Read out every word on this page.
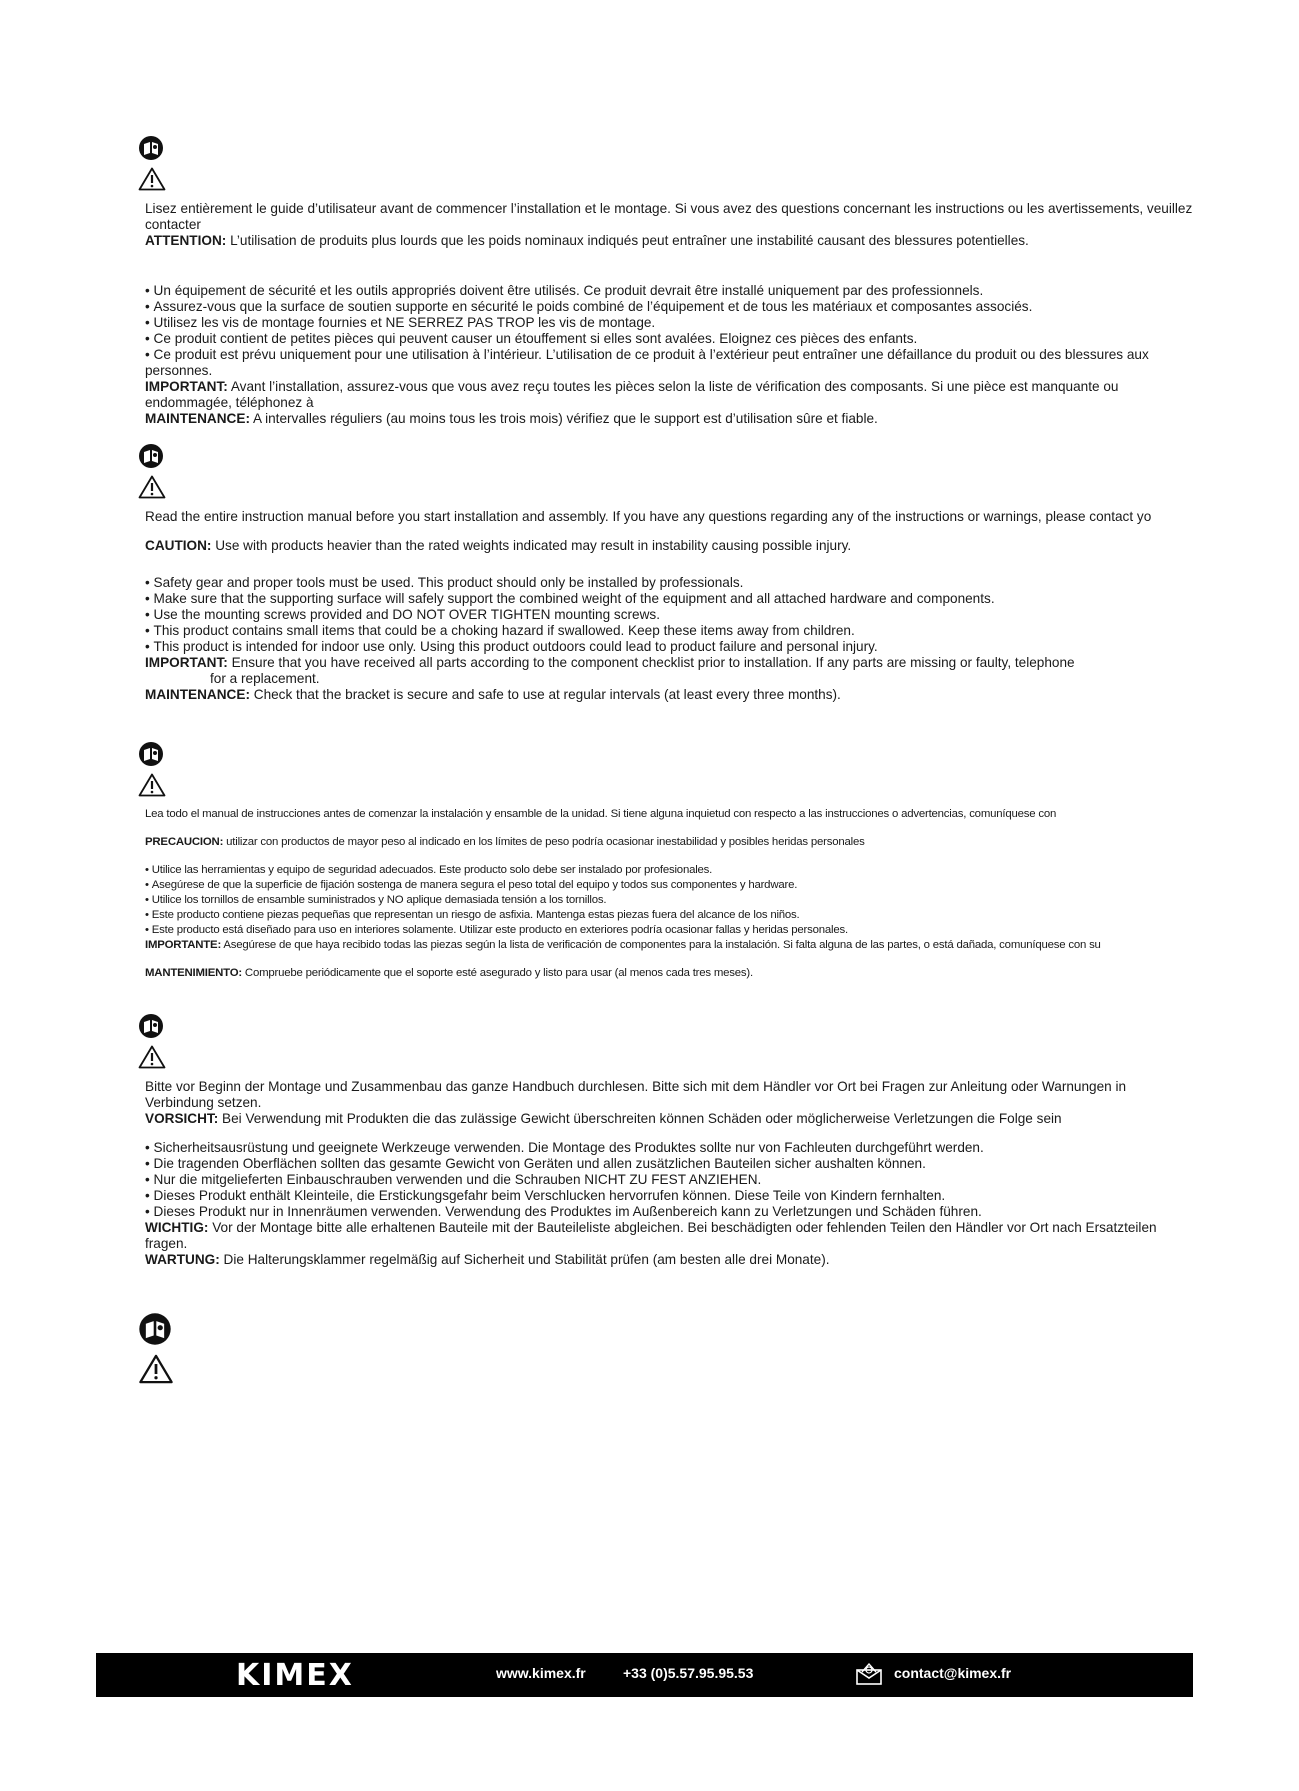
Lisez entièrement le guide d’utilisateur avant de commencer l’installation et le montage. Si vous avez des questions concernant les instructions ou les avertissements, veuillez contacter

ATTENTION: L’utilisation de produits plus lourds que les poids nominaux indiqués peut entraîner une instabilité causant des blessures potentielles.

• Un équipement de sécurité et les outils appropriés doivent être utilisés. Ce produit devrait être installé uniquement par des professionnels.
• Assurez-vous que la surface de soutien supporte en sécurité le poids combiné de l’équipement et de tous les matériaux et composantes associés.
• Utilisez les vis de montage fournies et NE SERREZ PAS TROP les vis de montage.
• Ce produit contient de petites pièces qui peuvent causer un étouffement si elles sont avalées. Eloignez ces pièces des enfants.
• Ce produit est prévu uniquement pour une utilisation à l’intérieur. L’utilisation de ce produit à l’extérieur peut entraîner une défaillance du produit ou des blessures aux personnes.

IMPORTANT: Avant l’installation, assurez-vous que vous avez reçu toutes les pièces selon la liste de vérification des composants. Si une pièce est manquante ou endommagée, téléphonez à

MAINTENANCE: A intervalles réguliers (au moins tous les trois mois) vérifiez que le support est d’utilisation sûre et fiable.

Read the entire instruction manual before you start installation and assembly. If you have any questions regarding any of the instructions or warnings, please contact yo

CAUTION: Use with products heavier than the rated weights indicated may result in instability causing possible injury.

• Safety gear and proper tools must be used. This product should only be installed by professionals.
• Make sure that the supporting surface will safely support the combined weight of the equipment and all attached hardware and components.
• Use the mounting screws provided and DO NOT OVER TIGHTEN mounting screws.
• This product contains small items that could be a choking hazard if swallowed. Keep these items away from children.
• This product is intended for indoor use only. Using this product outdoors could lead to product failure and personal injury.

IMPORTANT: Ensure that you have received all parts according to the component checklist prior to installation. If any parts are missing or faulty, telephone

for a replacement.

MAINTENANCE: Check that the bracket is secure and safe to use at regular intervals (at least every three months).

Lea todo el manual de instrucciones antes de comenzar la instalación y ensamble de la unidad. Si tiene alguna inquietud con respecto a las instrucciones o advertencias, comuníquese con

PRECAUCION: utilizar con productos de mayor peso al indicado en los límites de peso podría ocasionar inestabilidad y posibles heridas personales

• Utilice las herramientas y equipo de seguridad adecuados. Este producto solo debe ser instalado por profesionales.
• Asegúrese de que la superficie de fijación sostenga de manera segura el peso total del equipo y todos sus componentes y hardware.
• Utilice los tornillos de ensamble suministrados y NO aplique demasiada tensión a los tornillos.
• Este producto contiene piezas pequeñas que representan un riesgo de asfixia. Mantenga estas piezas fuera del alcance de los niños.
• Este producto está diseñado para uso en interiores solamente. Utilizar este producto en exteriores podría ocasionar fallas y heridas personales.

IMPORTANTE: Asegúrese de que haya recibido todas las piezas según la lista de verificación de componentes para la instalación. Si falta alguna de las partes, o está dañada, comuníquese con su

MANTENIMIENTO: Compruebe periódicamente que el soporte esté asegurado y listo para usar (al menos cada tres meses).

Bitte vor Beginn der Montage und Zusammenbau das ganze Handbuch durchlesen. Bitte sich mit dem Händler vor Ort bei Fragen zur Anleitung oder Warnungen in Verbindung setzen.

VORSICHT: Bei Verwendung mit Produkten die das zulässige Gewicht überschreiten können Schäden oder möglicherweise Verletzungen die Folge sein

• Sicherheitsausrüstung und geeignete Werkzeuge verwenden. Die Montage des Produktes sollte nur von Fachleuten durchgeführt werden.
• Die tragenden Oberflächen sollten das gesamte Gewicht von Geräten und allen zusätzlichen Bauteilen sicher aushalten können.
• Nur die mitgelieferten Einbauschrauben verwenden und die Schrauben NICHT ZU FEST ANZIEHEN.
• Dieses Produkt enthält Kleinteile, die Erstickungsgefahr beim Verschlucken hervorrufen können. Diese Teile von Kindern fernhalten.
• Dieses Produkt nur in Innenräumen verwenden. Verwendung des Produktes im Außenbereich kann zu Verletzungen und Schäden führen.

WICHTIG: Vor der Montage bitte alle erhaltenen Bauteile mit der Bauteileliste abgleichen. Bei beschädigten oder fehlenden Teilen den Händler vor Ort nach Ersatzteilen fragen.

WARTUNG: Die Halterungsklammer regelmäßig auf Sicherheit und Stabilität prüfen (am besten alle drei Monate).

KIMEX	www.kimex.fr	+33 (0)5.57.95.95.53	contact@kimex.fr
